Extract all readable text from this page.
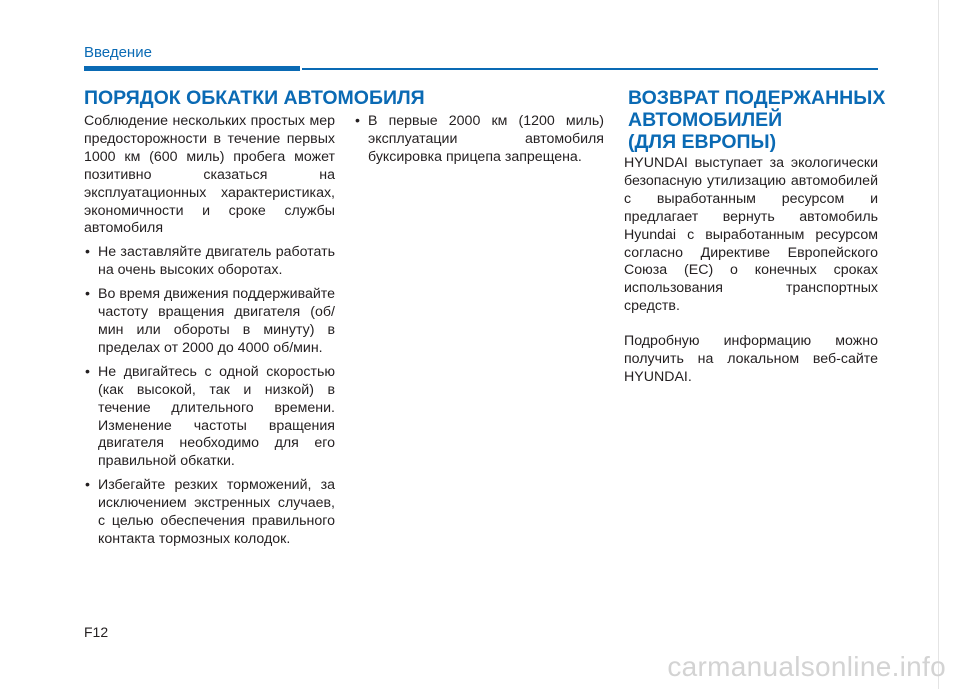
Введение
ПОРЯДОК ОБКАТКИ АВТОМОБИЛЯ

Соблюдение нескольких простых мер предосторожности в течение первых 1000 км (600 миль) пробега может позитивно сказаться на эксплуатационных характеристиках, экономичности и сроке службы автомобиля

• Не заставляйте двигатель работать на очень высоких оборотах.
• Во время движения поддерживайте частоту вращения двигателя (об/мин или обороты в минуту) в пределах от 2000 до 4000 об/мин.
• Не двигайтесь с одной скоростью (как высокой, так и низкой) в течение длительного времени. Изменение частоты вращения двигателя необходимо для его правильной обкатки.
• Избегайте резких торможений, за исключением экстренных случаев, с целью обеспечения правильного контакта тормозных колодок.
• В первые 2000 км (1200 миль) эксплуатации автомобиля буксировка прицепа запрещена.
ВОЗВРАТ ПОДЕРЖАННЫХ
АВТОМОБИЛЕЙ
(ДЛЯ ЕВРОПЫ)

HYUNDAI выступает за экологически безопасную утилизацию автомобилей с выработанным ресурсом и предлагает вернуть автомобиль Hyundai с выработанным ресурсом согласно Директиве Европейского Союза (ЕС) о конечных сроках использования транспортных средств.

Подробную информацию можно получить на локальном веб-сайте HYUNDAI.

F12
carmanualsonline.info
